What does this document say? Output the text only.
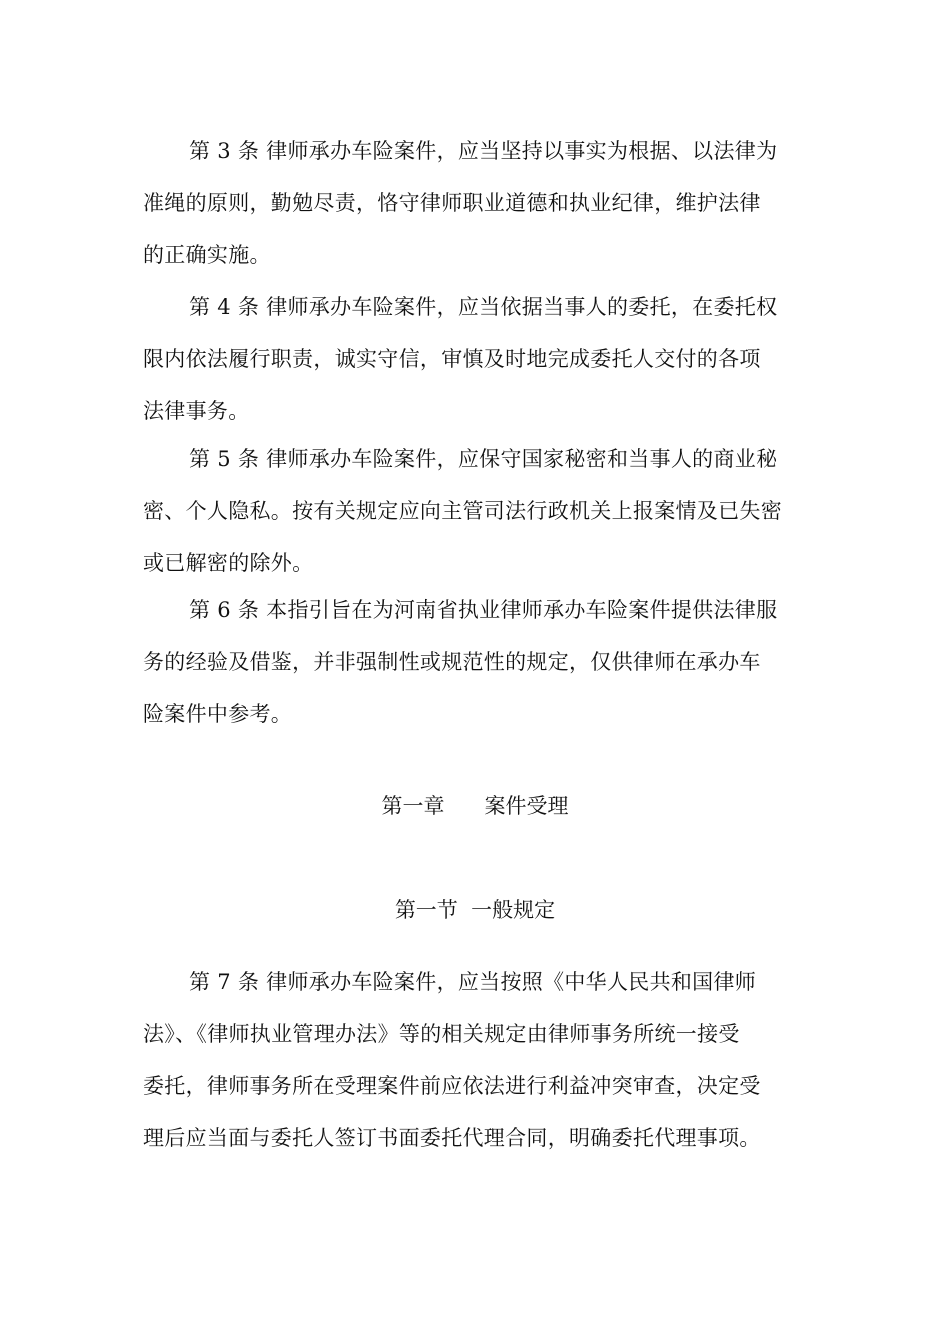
第 3 条 律师承办车险案件，应当坚持以事实为根据、以法律为
准绳的原则，勤勉尽责，恪守律师职业道德和执业纪律，维护法律
的正确实施。
第 4 条 律师承办车险案件，应当依据当事人的委托，在委托权
限内依法履行职责，诚实守信，审慎及时地完成委托人交付的各项
法律事务。
第 5 条 律师承办车险案件，应保守国家秘密和当事人的商业秘
密、个人隐私。按有关规定应向主管司法行政机关上报案情及已失密
或已解密的除外。
第 6 条 本指引旨在为河南省执业律师承办车险案件提供法律服
务的经验及借鉴，并非强制性或规范性的规定，仅供律师在承办车
险案件中参考。
第一章      案件受理
第一节  一般规定
第 7 条 律师承办车险案件，应当按照《中华人民共和国律师
法》、《律师执业管理办法》等的相关规定由律师事务所统一接受
委托，律师事务所在受理案件前应依法进行利益冲突审查，决定受
理后应当面与委托人签订书面委托代理合同，明确委托代理事项。
